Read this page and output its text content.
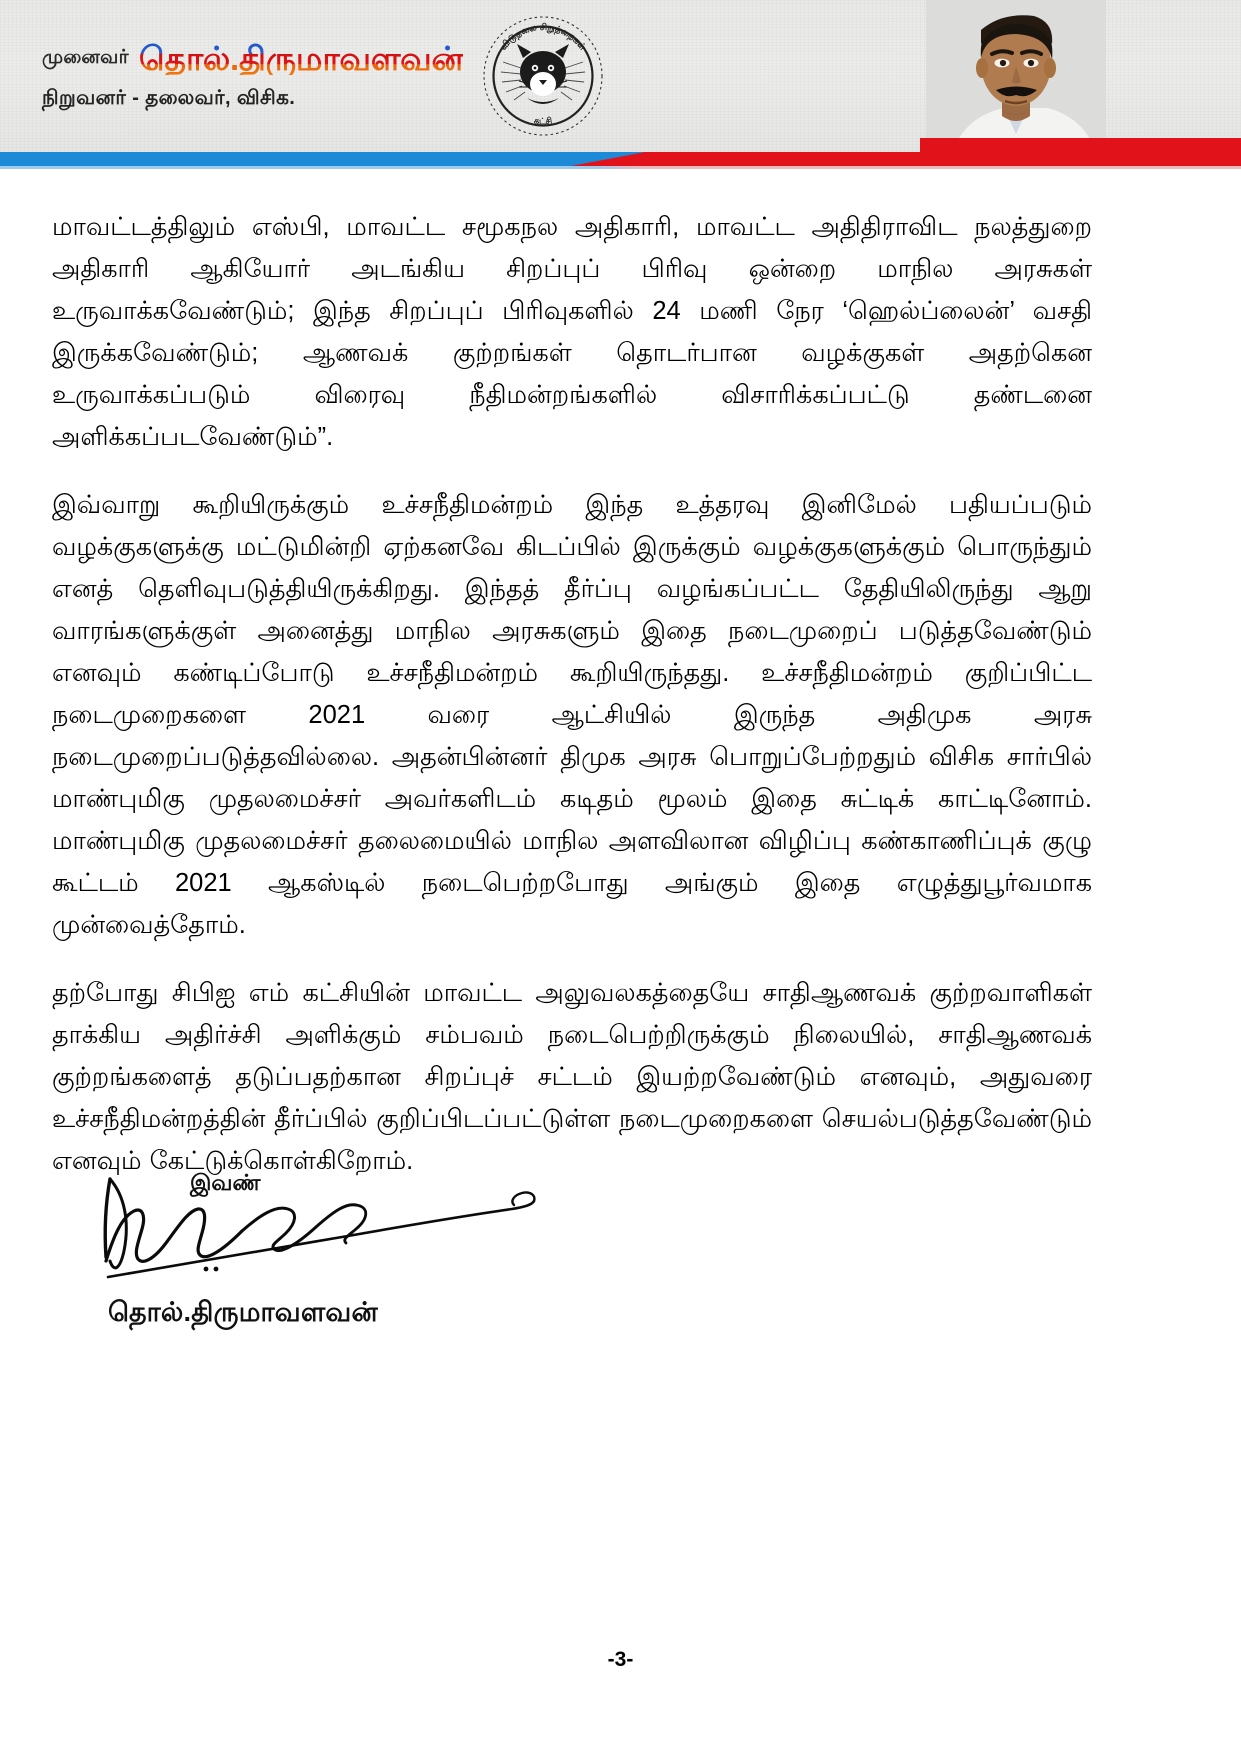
முனைவர் தொல்.திருமாவளவன்
நிறுவனர் - தலைவர், விசிக.
விடுதலை சிறுத்தைகள்
கட்சி

மாவட்டத்திலும் எஸ்பி, மாவட்ட சமூகநல அதிகாரி, மாவட்ட அதிதிராவிட நலத்துறை அதிகாரி ஆகியோர் அடங்கிய சிறப்புப் பிரிவு ஒன்றை மாநில அரசுகள் உருவாக்கவேண்டும்; இந்த சிறப்புப் பிரிவுகளில் 24 மணி நேர ‘ஹெல்ப்லைன்’ வசதி இருக்கவேண்டும்; ஆணவக் குற்றங்கள் தொடர்பான வழக்குகள் அதற்கென உருவாக்கப்படும் விரைவு நீதிமன்றங்களில் விசாரிக்கப்பட்டு தண்டனை அளிக்கப்படவேண்டும்”.

இவ்வாறு கூறியிருக்கும் உச்சநீதிமன்றம் இந்த உத்தரவு இனிமேல் பதியப்படும் வழக்குகளுக்கு மட்டுமின்றி ஏற்கனவே கிடப்பில் இருக்கும் வழக்குகளுக்கும் பொருந்தும் எனத் தெளிவுபடுத்தியிருக்கிறது. இந்தத் தீர்ப்பு வழங்கப்பட்ட தேதியிலிருந்து ஆறு வாரங்களுக்குள் அனைத்து மாநில அரசுகளும் இதை நடைமுறைப் படுத்தவேண்டும் எனவும் கண்டிப்போடு உச்சநீதிமன்றம் கூறியிருந்தது. உச்சநீதிமன்றம் குறிப்பிட்ட நடைமுறைகளை 2021 வரை ஆட்சியில் இருந்த அதிமுக அரசு நடைமுறைப்படுத்தவில்லை. அதன்பின்னர் திமுக அரசு பொறுப்பேற்றதும் விசிக சார்பில் மாண்புமிகு முதலமைச்சர் அவர்களிடம் கடிதம் மூலம் இதை சுட்டிக் காட்டினோம். மாண்புமிகு முதலமைச்சர் தலைமையில் மாநில அளவிலான விழிப்பு கண்காணிப்புக் குழு கூட்டம் 2021 ஆகஸ்டில் நடைபெற்றபோது அங்கும் இதை எழுத்துபூர்வமாக முன்வைத்தோம்.

தற்போது சிபிஐ எம் கட்சியின் மாவட்ட அலுவலகத்தையே சாதிஆணவக் குற்றவாளிகள் தாக்கிய அதிர்ச்சி அளிக்கும் சம்பவம் நடைபெற்றிருக்கும் நிலையில், சாதிஆணவக் குற்றங்களைத் தடுப்பதற்கான சிறப்புச் சட்டம் இயற்றவேண்டும் எனவும், அதுவரை உச்சநீதிமன்றத்தின் தீர்ப்பில் குறிப்பிடப்பட்டுள்ள நடைமுறைகளை செயல்படுத்தவேண்டும் எனவும் கேட்டுக்கொள்கிறோம்.

இவண்
தொல்.திருமாவளவன்
-3-
